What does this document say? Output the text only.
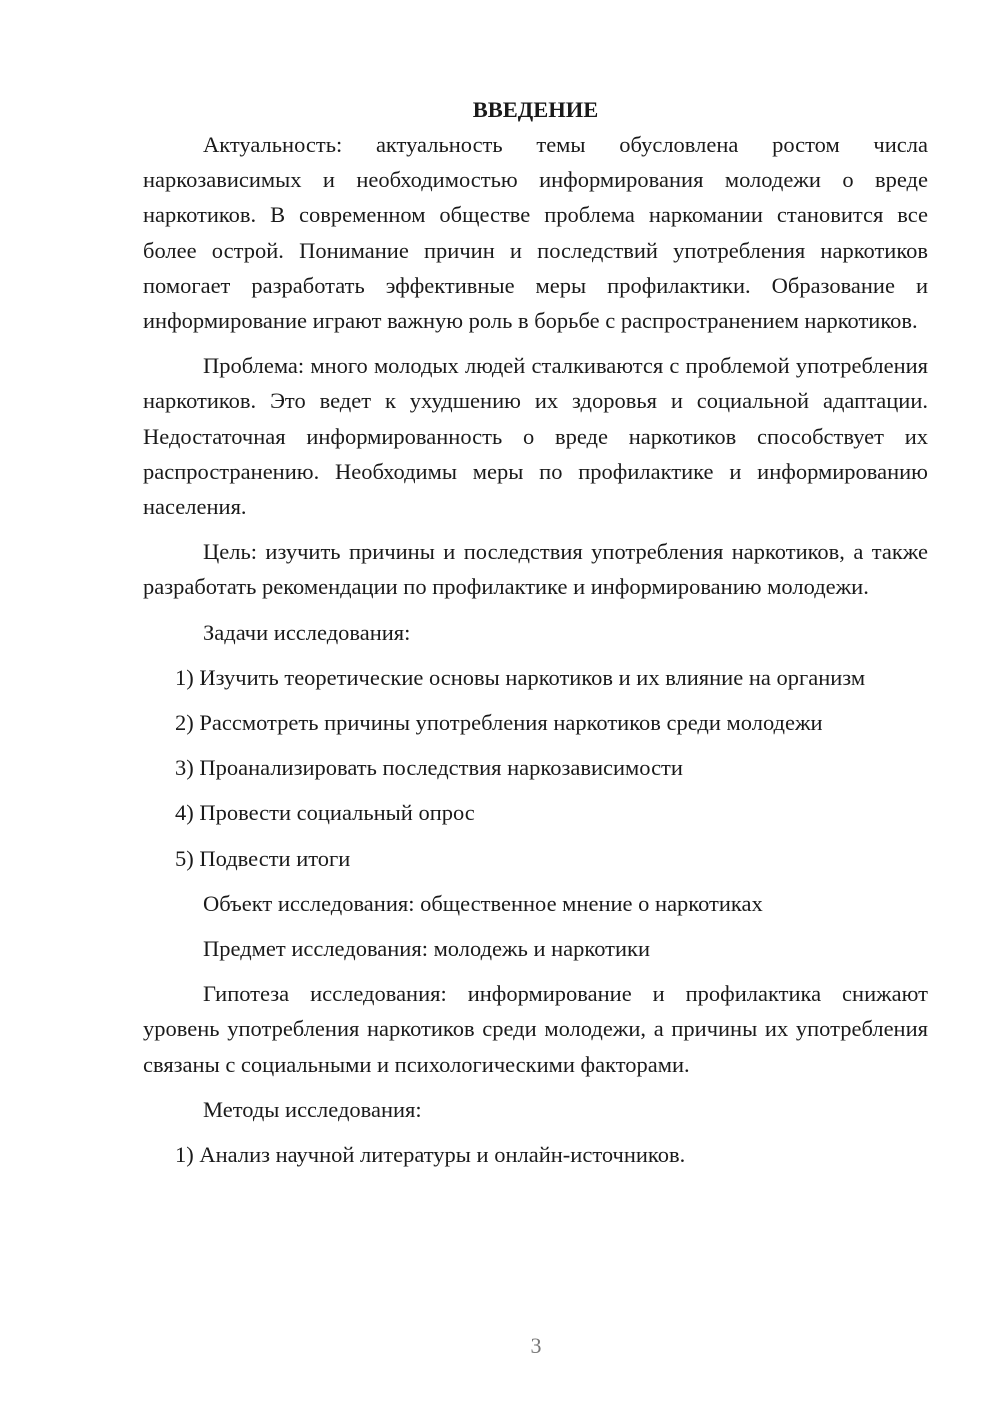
ВВЕДЕНИЕ

Актуальность: актуальность темы обусловлена ростом числа наркозависимых и необходимостью информирования молодежи о вреде наркотиков. В современном обществе проблема наркомании становится все более острой. Понимание причин и последствий употребления наркотиков помогает разработать эффективные меры профилактики. Образование и информирование играют важную роль в борьбе с распространением наркотиков.

Проблема: много молодых людей сталкиваются с проблемой употребления наркотиков. Это ведет к ухудшению их здоровья и социальной адаптации. Недостаточная информированность о вреде наркотиков способствует их распространению. Необходимы меры по профилактике и информированию населения.

Цель: изучить причины и последствия употребления наркотиков, а также разработать рекомендации по профилактике и информированию молодежи.

Задачи исследования:

1) Изучить теоретические основы наркотиков и их влияние на организм

2) Рассмотреть причины употребления наркотиков среди молодежи

3) Проанализировать последствия наркозависимости

4) Провести социальный опрос

5) Подвести итоги

Объект исследования: общественное мнение о наркотиках

Предмет исследования: молодежь и наркотики

Гипотеза исследования: информирование и профилактика снижают уровень употребления наркотиков среди молодежи, а причины их употребления связаны с социальными и психологическими факторами.

Методы исследования:

1) Анализ научной литературы и онлайн-источников.

3
